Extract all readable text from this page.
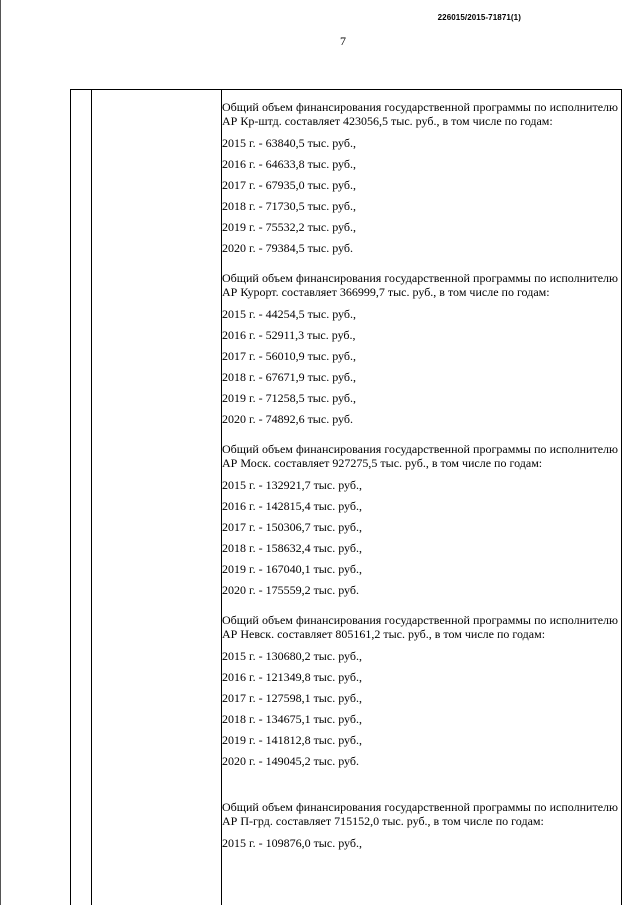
226015/2015-71871(1)
7

Общий объем финансирования государственной программы по исполнителю АР Кр-штд. составляет 423056,5 тыс. руб., в том числе по годам:

2015 г. - 63840,5 тыс. руб.,
2016 г. - 64633,8 тыс. руб.,
2017 г. - 67935,0 тыс. руб.,
2018 г. - 71730,5 тыс. руб.,
2019 г. - 75532,2 тыс. руб.,
2020 г. - 79384,5 тыс. руб.

Общий объем финансирования государственной программы по исполнителю АР Курорт. составляет 366999,7 тыс. руб., в том числе по годам:

2015 г. - 44254,5 тыс. руб.,
2016 г. - 52911,3 тыс. руб.,
2017 г. - 56010,9 тыс. руб.,
2018 г. - 67671,9 тыс. руб.,
2019 г. - 71258,5 тыс. руб.,
2020 г. - 74892,6 тыс. руб.

Общий объем финансирования государственной программы по исполнителю АР Моск. составляет 927275,5 тыс. руб., в том числе по годам:

2015 г. - 132921,7 тыс. руб.,
2016 г. - 142815,4 тыс. руб.,
2017 г. - 150306,7 тыс. руб.,
2018 г. - 158632,4 тыс. руб.,
2019 г. - 167040,1 тыс. руб.,
2020 г. - 175559,2 тыс. руб.

Общий объем финансирования государственной программы по исполнителю АР Невск. составляет 805161,2 тыс. руб., в том числе по годам:

2015 г. - 130680,2 тыс. руб.,
2016 г. - 121349,8 тыс. руб.,
2017 г. - 127598,1 тыс. руб.,
2018 г. - 134675,1 тыс. руб.,
2019 г. - 141812,8 тыс. руб.,
2020 г. - 149045,2 тыс. руб.

Общий объем финансирования государственной программы по исполнителю АР П-грд. составляет 715152,0 тыс. руб., в том числе по годам:

2015 г. - 109876,0 тыс. руб.,
